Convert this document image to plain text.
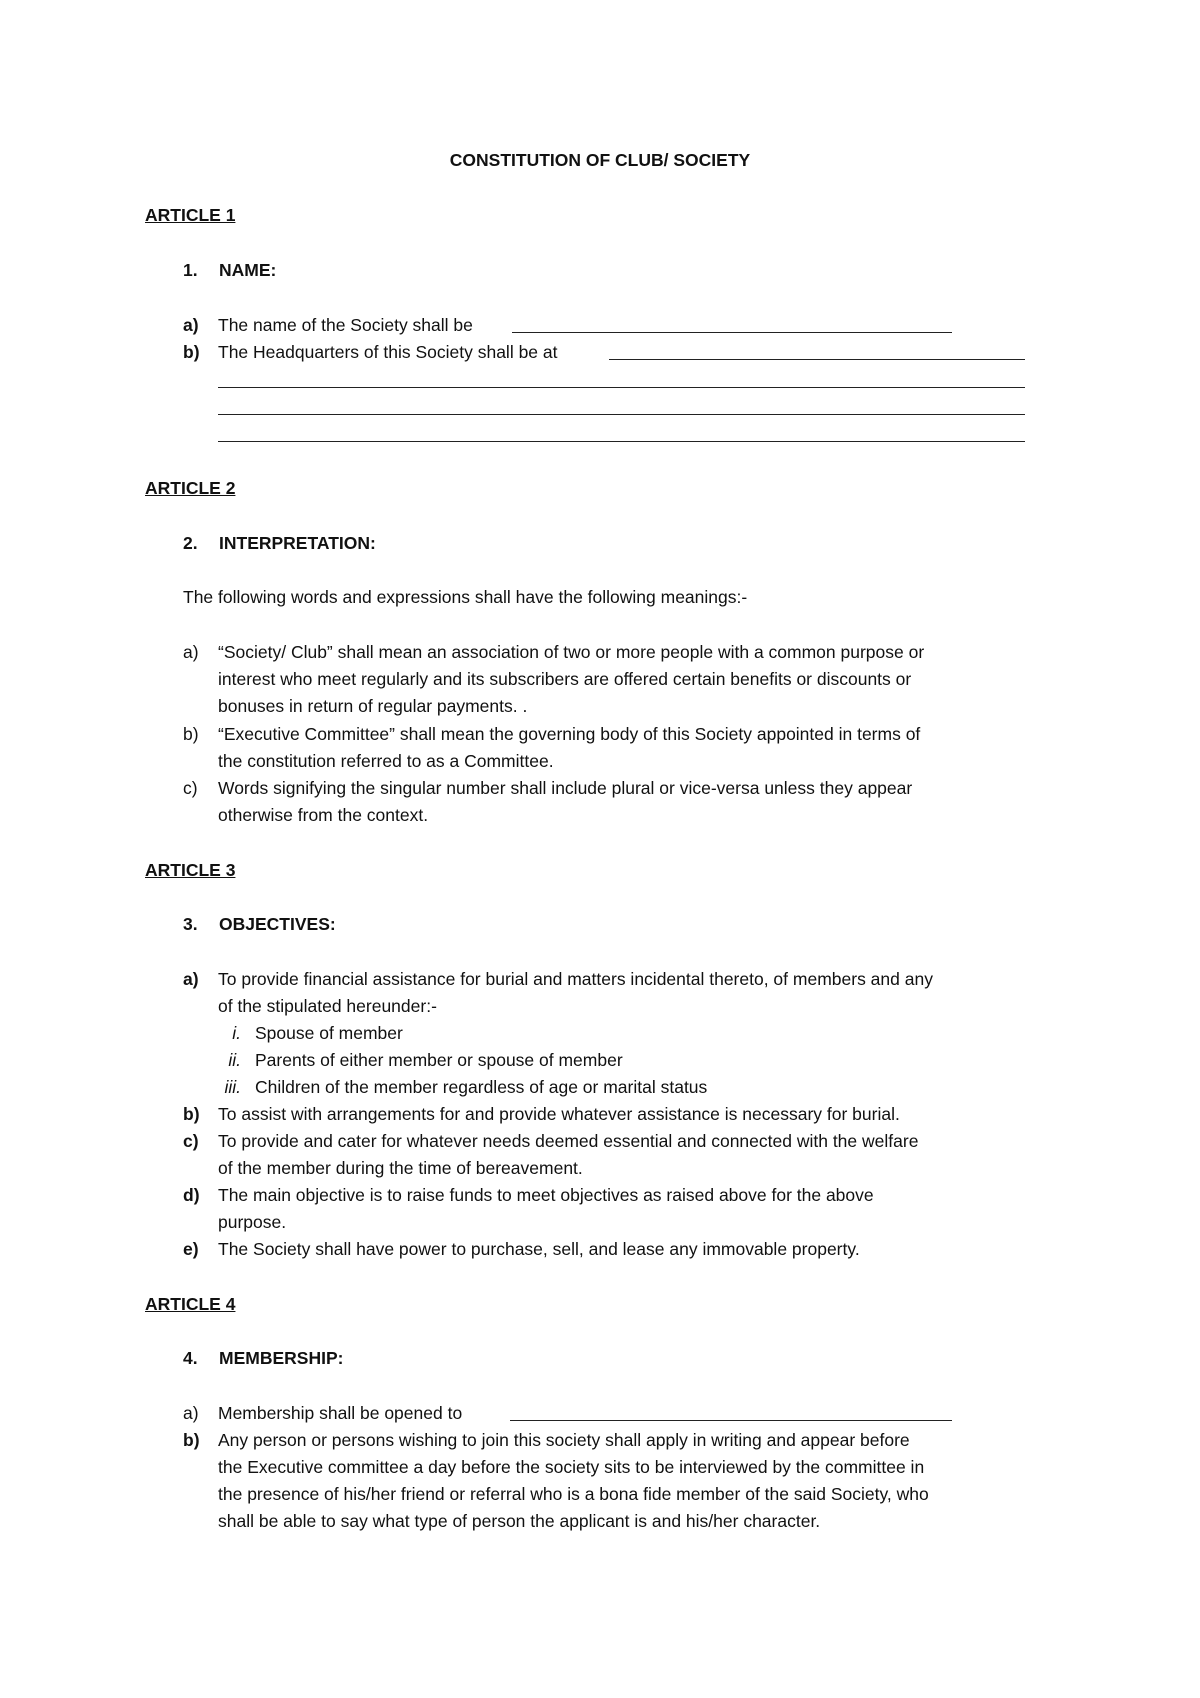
CONSTITUTION OF CLUB/ SOCIETY
ARTICLE 1
1. NAME:
a) The name of the Society shall be
b) The Headquarters of this Society shall be at
ARTICLE 2
2. INTERPRETATION:
The following words and expressions shall have the following meanings:-
a) “Society/ Club” shall mean an association of two or more people with a common purpose or
interest who meet regularly and its subscribers are offered certain benefits or discounts or
bonuses in return of regular payments. .
b) “Executive Committee” shall mean the governing body of this Society appointed in terms of
the constitution referred to as a Committee.
c) Words signifying the singular number shall include plural or vice-versa unless they appear
otherwise from the context.
ARTICLE 3
3. OBJECTIVES:
a) To provide financial assistance for burial and matters incidental thereto, of members and any
of the stipulated hereunder:-
i. Spouse of member
ii. Parents of either member or spouse of member
iii. Children of the member regardless of age or marital status
b) To assist with arrangements for and provide whatever assistance is necessary for burial.
c) To provide and cater for whatever needs deemed essential and connected with the welfare
of the member during the time of bereavement.
d) The main objective is to raise funds to meet objectives as raised above for the above
purpose.
e) The Society shall have power to purchase, sell, and lease any immovable property.
ARTICLE 4
4. MEMBERSHIP:
a) Membership shall be opened to
b) Any person or persons wishing to join this society shall apply in writing and appear before
the Executive committee a day before the society sits to be interviewed by the committee in
the presence of his/her friend or referral who is a bona fide member of the said Society, who
shall be able to say what type of person the applicant is and his/her character.
